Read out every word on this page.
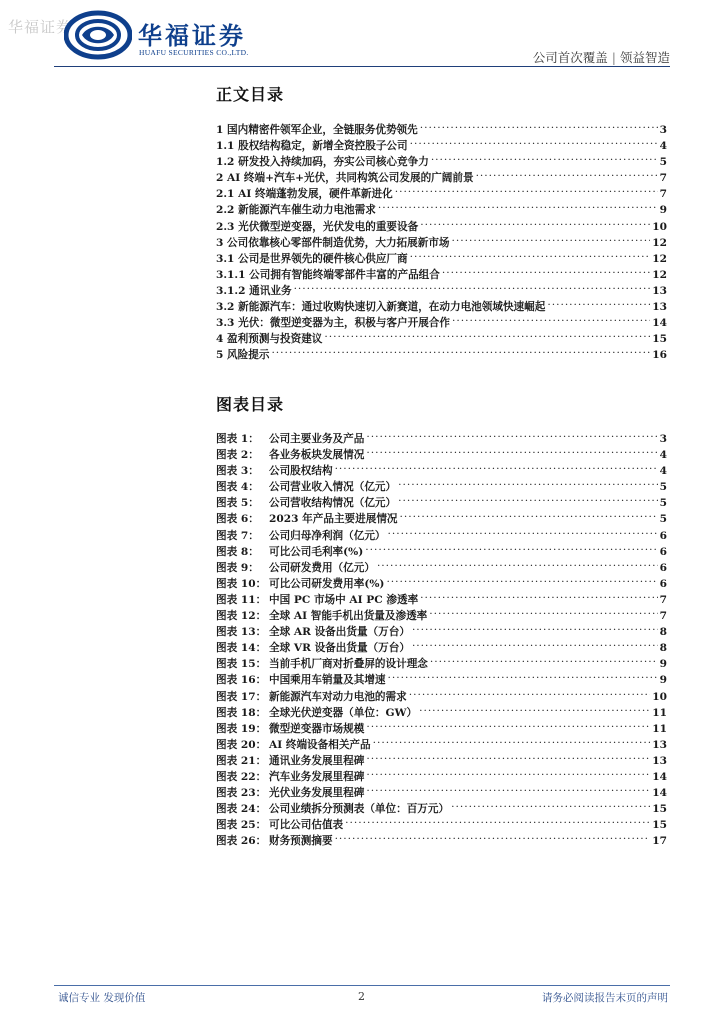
华福证券	华福证券
HUAFU SECURITIES CO.,LTD.	公司首次覆盖 | 领益智造
正文目录
1 国内精密件领军企业，全链服务优势领先 .....	3
1.1 股权结构稳定，新增全资控股子公司 .....	4
1.2 研发投入持续加码，夯实公司核心竞争力 .....	5
2 AI 终端+汽车+光伏，共同构筑公司发展的广阔前景 .....	7
2.1 AI 终端蓬勃发展，硬件革新进化 .....	7
2.2 新能源汽车催生动力电池需求 .....	9
2.3 光伏微型逆变器，光伏发电的重要设备 .....	10
3 公司依靠核心零部件制造优势，大力拓展新市场 .....	12
3.1 公司是世界领先的硬件核心供应厂商 .....	12
3.1.1 公司拥有智能终端零部件丰富的产品组合 .....	12
3.1.2 通讯业务 .....	13
3.2 新能源汽车：通过收购快速切入新赛道，在动力电池领域快速崛起 .....	13
3.3 光伏：微型逆变器为主，积极与客户开展合作 .....	14
4 盈利预测与投资建议 .....	15
5 风险提示 .....	16
图表目录
图表 1： 公司主要业务及产品 .....	3
图表 2： 各业务板块发展情况 .....	4
图表 3： 公司股权结构 .....	4
图表 4： 公司营业收入情况（亿元） .....	5
图表 5： 公司营收结构情况（亿元） .....	5
图表 6： 2023 年产品主要进展情况 .....	5
图表 7： 公司归母净利润（亿元） .....	6
图表 8： 可比公司毛利率(%) .....	6
图表 9： 公司研发费用（亿元） .....	6
图表 10： 可比公司研发费用率(%) .....	6
图表 11： 中国 PC 市场中 AI PC 渗透率 .....	7
图表 12： 全球 AI 智能手机出货量及渗透率 .....	7
图表 13： 全球 AR 设备出货量（万台） .....	8
图表 14： 全球 VR 设备出货量（万台） .....	8
图表 15： 当前手机厂商对折叠屏的设计理念 .....	9
图表 16： 中国乘用车销量及其增速 .....	9
图表 17： 新能源汽车对动力电池的需求 .....	10
图表 18： 全球光伏逆变器（单位：GW） .....	11
图表 19： 微型逆变器市场规模 .....	11
图表 20： AI 终端设备相关产品 .....	13
图表 21： 通讯业务发展里程碑 .....	13
图表 22： 汽车业务发展里程碑 .....	14
图表 23： 光伏业务发展里程碑 .....	14
图表 24： 公司业绩拆分预测表（单位：百万元） .....	15
图表 25： 可比公司估值表 .....	15
图表 26： 财务预测摘要 .....	17
诚信专业 发现价值	2	请务必阅读报告末页的声明
